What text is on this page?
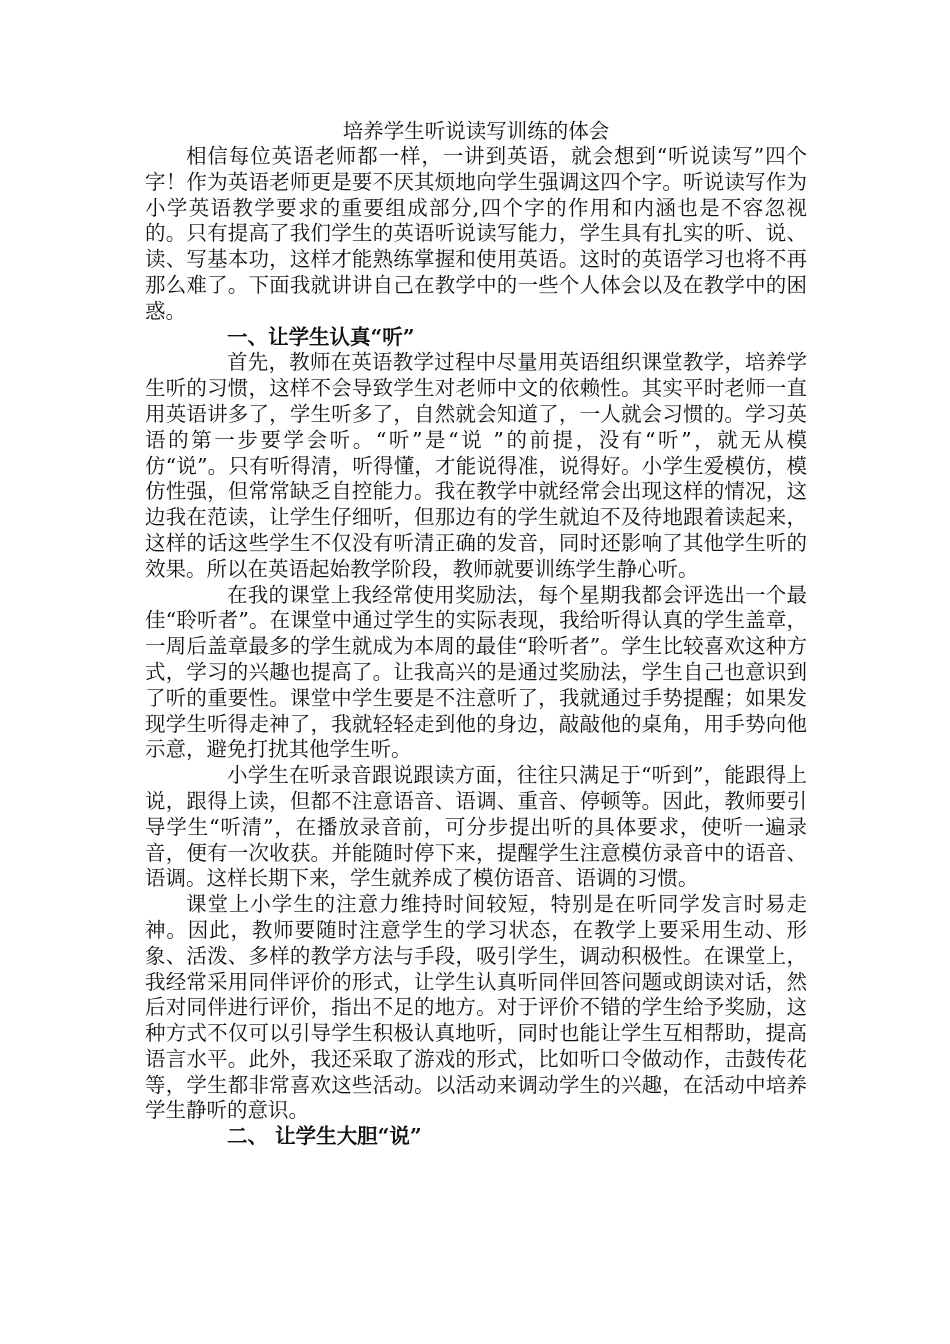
培养学生听说读写训练的体会

相信每位英语老师都一样，一讲到英语，就会想到“听说读写”四个字！作为英语老师更是要不厌其烦地向学生强调这四个字。听说读写作为小学英语教学要求的重要组成部分,四个字的作用和内涵也是不容忽视的。只有提高了我们学生的英语听说读写能力，学生具有扎实的听、说、读、写基本功，这样才能熟练掌握和使用英语。这时的英语学习也将不再那么难了。下面我就讲讲自己在教学中的一些个人体会以及在教学中的困惑。

一、让学生认真“听”

首先，教师在英语教学过程中尽量用英语组织课堂教学，培养学生听的习惯，这样不会导致学生对老师中文的依赖性。其实平时老师一直用英语讲多了，学生听多了，自然就会知道了，一人就会习惯的。学习英语的第一步要学会听。“听”是“说 ”的前提，没有“听”，就无从模仿“说”。只有听得清，听得懂，才能说得准，说得好。小学生爱模仿，模仿性强，但常常缺乏自控能力。我在教学中就经常会出现这样的情况，这边我在范读，让学生仔细听，但那边有的学生就迫不及待地跟着读起来，这样的话这些学生不仅没有听清正确的发音，同时还影响了其他学生听的效果。所以在英语起始教学阶段，教师就要训练学生静心听。

在我的课堂上我经常使用奖励法，每个星期我都会评选出一个最佳“聆听者”。在课堂中通过学生的实际表现，我给听得认真的学生盖章，一周后盖章最多的学生就成为本周的最佳“聆听者”。学生比较喜欢这种方式，学习的兴趣也提高了。让我高兴的是通过奖励法，学生自己也意识到了听的重要性。课堂中学生要是不注意听了，我就通过手势提醒；如果发现学生听得走神了，我就轻轻走到他的身边，敲敲他的桌角，用手势向他示意，避免打扰其他学生听。

小学生在听录音跟说跟读方面，往往只满足于“听到”，能跟得上说，跟得上读，但都不注意语音、语调、重音、停顿等。因此，教师要引导学生“听清”，在播放录音前，可分步提出听的具体要求，使听一遍录音，便有一次收获。并能随时停下来，提醒学生注意模仿录音中的语音、语调。这样长期下来，学生就养成了模仿语音、语调的习惯。

课堂上小学生的注意力维持时间较短，特别是在听同学发言时易走神。因此，教师要随时注意学生的学习状态，在教学上要采用生动、形象、活泼、多样的教学方法与手段，吸引学生，调动积极性。在课堂上，我经常采用同伴评价的形式，让学生认真听同伴回答问题或朗读对话，然后对同伴进行评价，指出不足的地方。对于评价不错的学生给予奖励，这种方式不仅可以引导学生积极认真地听，同时也能让学生互相帮助，提高语言水平。此外，我还采取了游戏的形式，比如听口令做动作，击鼓传花等，学生都非常喜欢这些活动。以活动来调动学生的兴趣，在活动中培养学生静听的意识。

二、 让学生大胆“说”
